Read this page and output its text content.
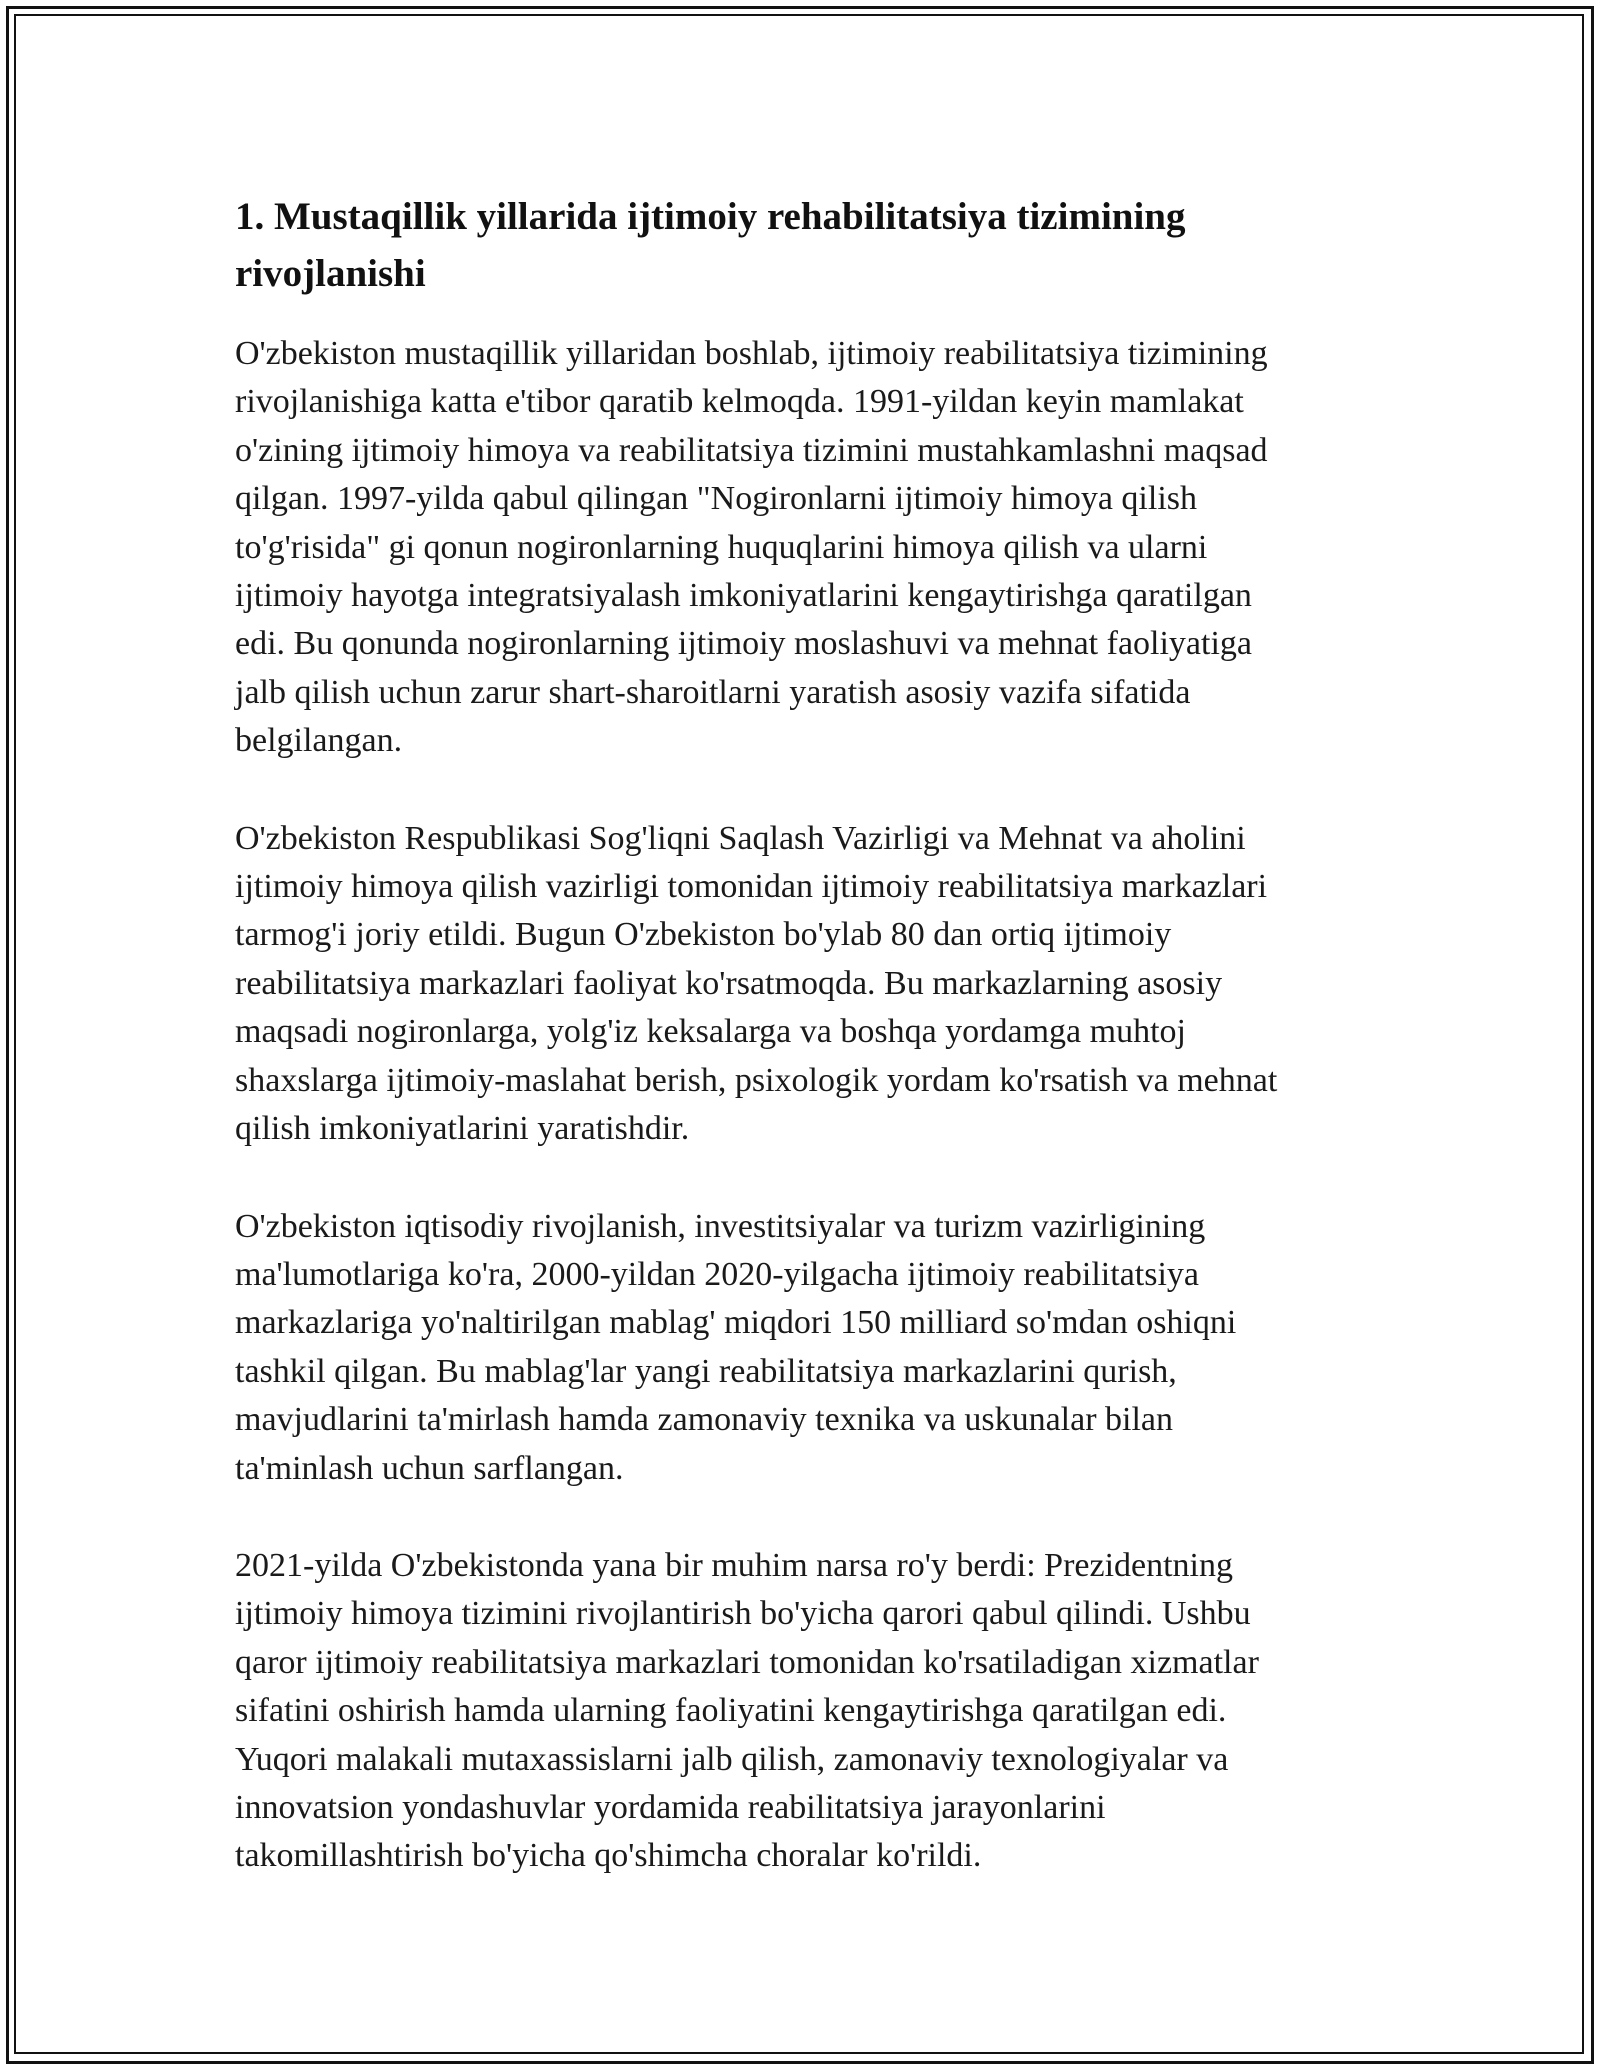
1. Mustaqillik yillarida ijtimoiy rehabilitatsiya tizimining
rivojlanishi

O'zbekiston mustaqillik yillaridan boshlab, ijtimoiy reabilitatsiya tizimining
rivojlanishiga katta e'tibor qaratib kelmoqda. 1991-yildan keyin mamlakat
o'zining ijtimoiy himoya va reabilitatsiya tizimini mustahkamlashni maqsad
qilgan. 1997-yilda qabul qilingan "Nogironlarni ijtimoiy himoya qilish
to'g'risida" gi qonun nogironlarning huquqlarini himoya qilish va ularni
ijtimoiy hayotga integratsiyalash imkoniyatlarini kengaytirishga qaratilgan
edi. Bu qonunda nogironlarning ijtimoiy moslashuvi va mehnat faoliyatiga
jalb qilish uchun zarur shart-sharoitlarni yaratish asosiy vazifa sifatida
belgilangan.

O'zbekiston Respublikasi Sog'liqni Saqlash Vazirligi va Mehnat va aholini
ijtimoiy himoya qilish vazirligi tomonidan ijtimoiy reabilitatsiya markazlari
tarmog'i joriy etildi. Bugun O'zbekiston bo'ylab 80 dan ortiq ijtimoiy
reabilitatsiya markazlari faoliyat ko'rsatmoqda. Bu markazlarning asosiy
maqsadi nogironlarga, yolg'iz keksalarga va boshqa yordamga muhtoj
shaxslarga ijtimoiy-maslahat berish, psixologik yordam ko'rsatish va mehnat
qilish imkoniyatlarini yaratishdir.

O'zbekiston iqtisodiy rivojlanish, investitsiyalar va turizm vazirligining
ma'lumotlariga ko'ra, 2000-yildan 2020-yilgacha ijtimoiy reabilitatsiya
markazlariga yo'naltirilgan mablag' miqdori 150 milliard so'mdan oshiqni
tashkil qilgan. Bu mablag'lar yangi reabilitatsiya markazlarini qurish,
mavjudlarini ta'mirlash hamda zamonaviy texnika va uskunalar bilan
ta'minlash uchun sarflangan.

2021-yilda O'zbekistonda yana bir muhim narsa ro'y berdi: Prezidentning
ijtimoiy himoya tizimini rivojlantirish bo'yicha qarori qabul qilindi. Ushbu
qaror ijtimoiy reabilitatsiya markazlari tomonidan ko'rsatiladigan xizmatlar
sifatini oshirish hamda ularning faoliyatini kengaytirishga qaratilgan edi.
Yuqori malakali mutaxassislarni jalb qilish, zamonaviy texnologiyalar va
innovatsion yondashuvlar yordamida reabilitatsiya jarayonlarini
takomillashtirish bo'yicha qo'shimcha choralar ko'rildi.
